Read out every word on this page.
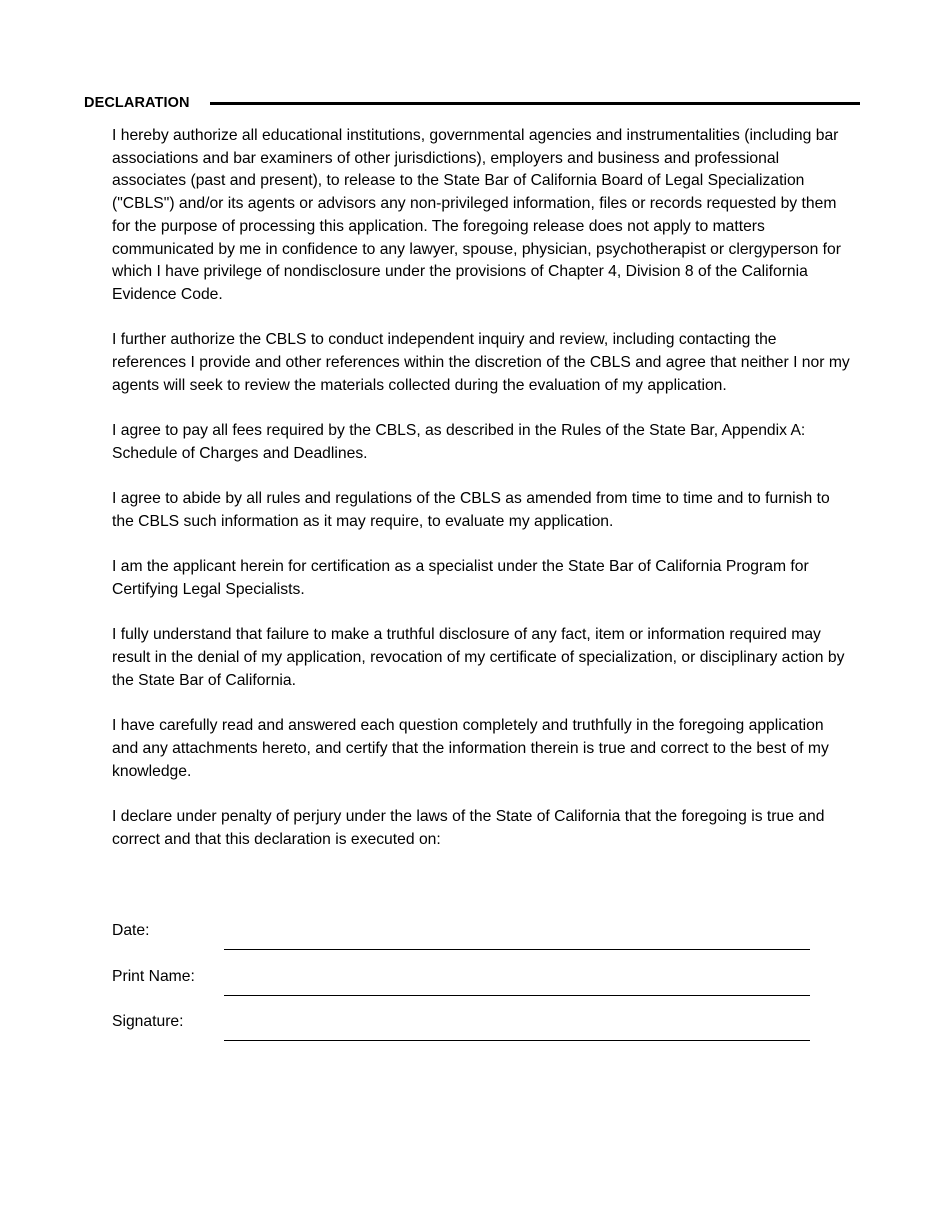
DECLARATION

I hereby authorize all educational institutions, governmental agencies and instrumentalities (including bar associations and bar examiners of other jurisdictions), employers and business and professional associates (past and present), to release to the State Bar of California Board of Legal Specialization ("CBLS") and/or its agents or advisors any non-privileged information, files or records requested by them for the purpose of processing this application. The foregoing release does not apply to matters communicated by me in confidence to any lawyer, spouse, physician, psychotherapist or clergyperson for which I have privilege of nondisclosure under the provisions of Chapter 4, Division 8 of the California Evidence Code.

I further authorize the CBLS to conduct independent inquiry and review, including contacting the references I provide and other references within the discretion of the CBLS and agree that neither I nor my agents will seek to review the materials collected during the evaluation of my application.

I agree to pay all fees required by the CBLS, as described in the Rules of the State Bar, Appendix A: Schedule of Charges and Deadlines.

I agree to abide by all rules and regulations of the CBLS as amended from time to time and to furnish to the CBLS such information as it may require, to evaluate my application.

I am the applicant herein for certification as a specialist under the State Bar of California Program for Certifying Legal Specialists.

I fully understand that failure to make a truthful disclosure of any fact, item or information required may result in the denial of my application, revocation of my certificate of specialization, or disciplinary action by the State Bar of California.

I have carefully read and answered each question completely and truthfully in the foregoing application and any attachments hereto, and certify that the information therein is true and correct to the best of my knowledge.

I declare under penalty of perjury under the laws of the State of California that the foregoing is true and correct and that this declaration is executed on:

Date:
Print Name:
Signature:
